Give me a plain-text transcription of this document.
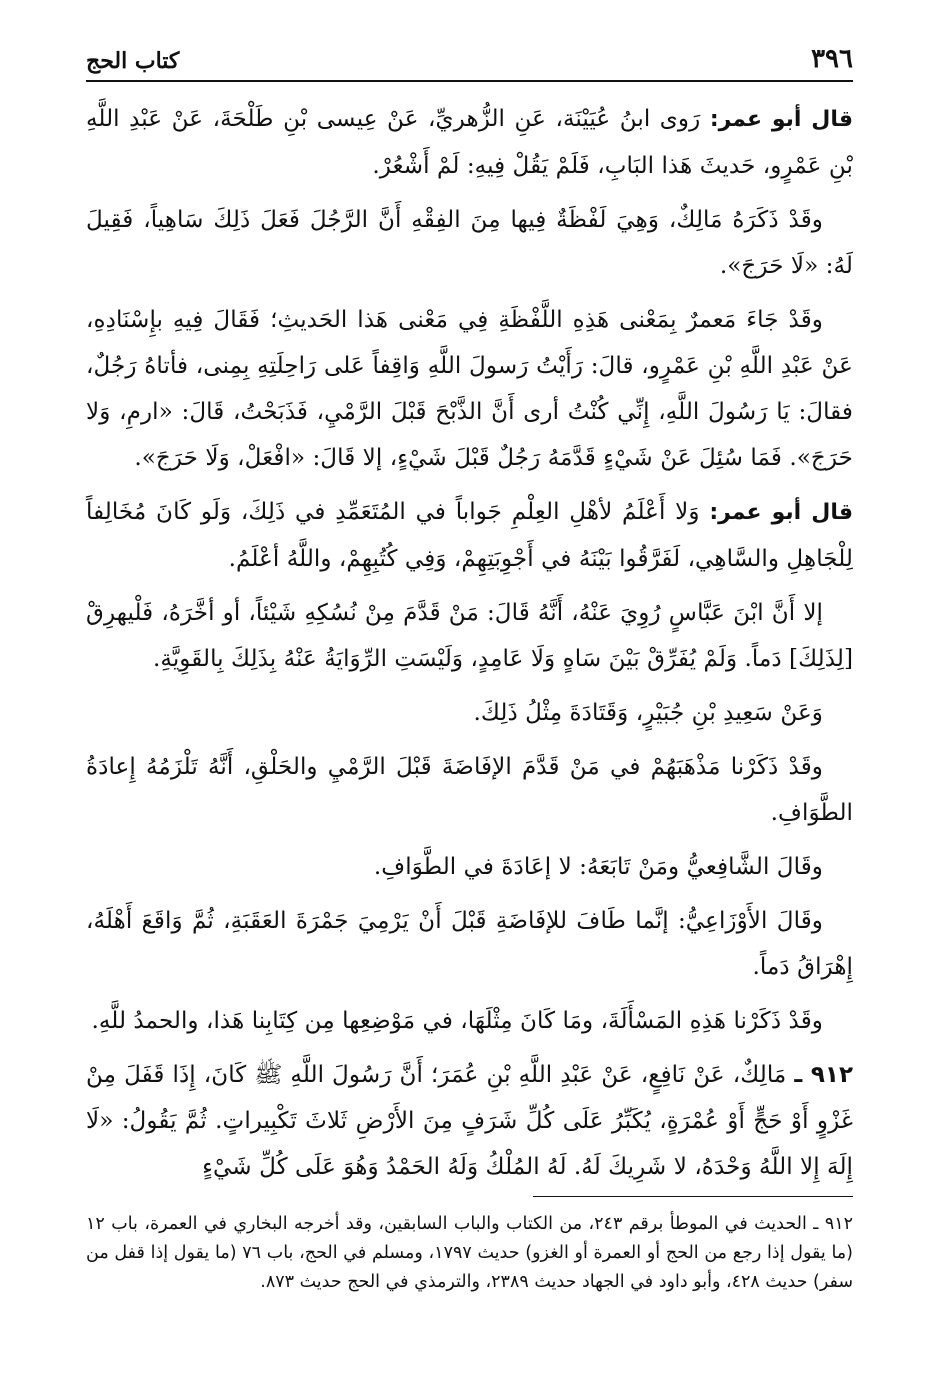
٣٩٦
كتاب الحج

قال أبو عمر: رَوى ابنُ عُيَيْنَة، عَنِ الزُّهريِّ، عَنْ عِيسى بْنِ طَلْحَةَ، عَنْ عَبْدِ اللَّهِ بْنِ عَمْرٍو، حَديثَ هَذا البَابِ، فَلَمْ يَقُلْ فِيهِ: لَمْ أَشْعُرْ.

وقَدْ ذَكَرَهُ مَالِكٌ، وَهِيَ لَفْظَةٌ فِيها مِنَ الفِقْهِ أَنَّ الرَّجُلَ فَعَلَ ذَلِكَ سَاهِياً، فَقِيلَ لَهُ: «لَا حَرَجَ».

وقَدْ جَاءَ مَعمرٌ بِمَعْنى هَذِهِ اللَّفْظَةِ فِي مَعْنى هَذا الحَديثِ؛ فَقَالَ فِيهِ بإِسْنَادِهِ، عَنْ عَبْدِ اللَّهِ بْنِ عَمْرٍو، قالَ: رَأَيْتُ رَسولَ اللَّهِ وَاقِفاً عَلى رَاحِلَتِهِ بِمِنى، فأتاهُ رَجُلٌ، فقالَ: يَا رَسُولَ اللَّهِ، إِنِّي كُنْتُ أرى أَنَّ الذَّبْحَ قَبْلَ الرَّمْيِ، فَذَبَحْتُ، قَالَ: «ارمِ، وَلا حَرَجَ». فَمَا سُئِلَ عَنْ شَيْءٍ قَدَّمَهُ رَجُلٌ قَبْلَ شَيْءٍ، إلا قَالَ: «افْعَلْ، وَلَا حَرَجَ».

قال أبو عمر: وَلا أَعْلَمُ لأهْلِ العِلْمِ جَواباً في المُتَعَمِّدِ في ذَلِكَ، وَلَو كَانَ مُخَالِفاً لِلْجَاهِلِ والسَّاهِي، لَفَرَّقُوا بَيْنَهُ في أَجْوِبَتِهِمْ، وَفِي كُتُبِهِمْ، واللَّهُ أعْلَمُ.

إلا أَنَّ ابْنَ عَبَّاسٍ رُوِيَ عَنْهُ، أَنَّهُ قَالَ: مَنْ قَدَّمَ مِنْ نُسُكِهِ شَيْئاً، أو أخَّرَهُ، فَلْيهرِقْ [لِذَلِكَ] دَماً. وَلَمْ يُفَرِّقْ بَيْنَ سَاهٍ وَلَا عَامِدٍ، وَلَيْسَتِ الرِّوَايَةُ عَنْهُ بِذَلِكَ بِالقَوِيَّةِ.

وَعَنْ سَعِيدِ بْنِ جُبَيْرٍ، وَقَتَادَةَ مِثْلُ ذَلِكَ.

وقَدْ ذَكَرْنا مَذْهَبَهُمْ في مَنْ قَدَّمَ الإفَاضَةَ قَبْلَ الرَّمْيِ والحَلْقِ، أَنَّهُ تَلْزَمُهُ إِعادَةُ الطَّوَافِ.

وقَالَ الشَّافِعيُّ ومَنْ تَابَعَهُ: لا إعَادَةَ في الطَّوَافِ.

وقَالَ الأَوْزَاعِيُّ: إنَّما طَافَ للإفَاضَةِ قَبْلَ أَنْ يَرْمِيَ جَمْرَةَ العَقَبَةِ، ثُمَّ وَاقَعَ أَهْلَهُ، إِهْرَاقُ دَماً.

وقَدْ ذَكَرْنا هَذِهِ المَسْأَلَةَ، ومَا كَانَ مِثْلَهَا، في مَوْضِعِها مِن كِتَابِنا هَذا، والحمدُ للَّهِ.

٩١٢ ـ مَالِكٌ، عَنْ نَافِعٍ، عَنْ عَبْدِ اللَّهِ بْنِ عُمَرَ؛ أَنَّ رَسُولَ اللَّهِ ﷺ كَانَ، إِذَا قَفَلَ مِنْ غَزْوٍ أَوْ حَجٍّ أَوْ عُمْرَةٍ، يُكَبِّرُ عَلَى كُلِّ شَرَفٍ مِنَ الأَرْضِ ثَلاثَ تَكْبِيراتٍ. ثُمَّ يَقُولُ: «لَا إِلَهَ إِلا اللَّهُ وَحْدَهُ، لا شَرِيكَ لَهُ. لَهُ المُلْكُ وَلَهُ الحَمْدُ وَهُوَ عَلَى كُلِّ شَيْءٍ

٩١٢ ـ الحديث في الموطأ برقم ٢٤٣، من الكتاب والباب السابقين، وقد أخرجه البخاري في العمرة، باب ١٢ (ما يقول إذا رجع من الحج أو العمرة أو الغزو) حديث ١٧٩٧، ومسلم في الحج، باب ٧٦ (ما يقول إذا قفل من سفر) حديث ٤٢٨، وأبو داود في الجهاد حديث ٢٣٨٩، والترمذي في الحج حديث ٨٧٣.
